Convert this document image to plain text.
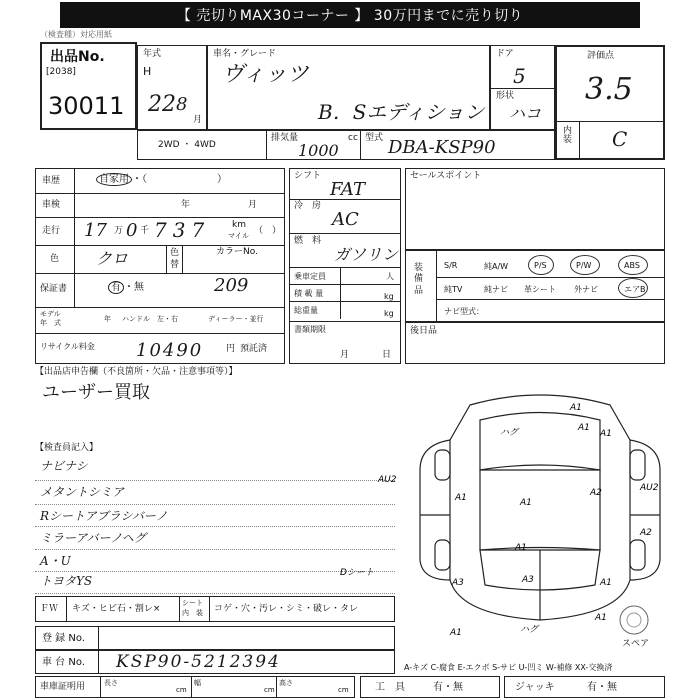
【 売切りMAX30コーナー 】 30万円までに売り切り
（検査種）対応用紙
出品No.
[2038]
30011
年式
H
22 8
月
車名・グレード
ヴィッツ
B．Sエディション
ドア
5
形状
ハコ
評価点
3.5
内装 C
2WD ・ 4WD
排気量	cc
1000
型式 DBA-KSP90
車歴	自家用 ・（　　　　　　　）
車検	年	月
走行 17 万 0 千 737 km
マイル （　）
色 クロ	色
替
カラーNo.
209
保証書	有 ・無
モデル
年　式	年 ハンドル　左・右	ディーラー・並行
リサイクル料金 10490	円 預託済
シフト
FAT
冷　房
AC
燃　料
ガソリン
乗車定員	人
積 載 量	kg
総重量	kg
書類期限
月	日
セールスポイント
装備品
S/R	純A/W	P/S	P/W	ABS
純TV	純ナビ 革シート 外ナビ	エアB
ナビ型式：
後日品
【出品店申告欄（不良箇所・欠品・注意事項等）】
ユーザー買取
【検査員記入】
ナビナシ
メタントシミア
Rシートアブラシバーノ
ミラーアバーノヘグ
A・U
トヨタYS
A1
ハグ	A1
A1
AU2
AU2
A1	A2
A1
A3	A1
A3
A1	ハグ
A1
Dシート
A1
A2
スペア
ＦＷ キズ・ヒビ石・割レ×
シート
内　装 コゲ・穴・汚レ・シミ・破レ・タレ
登 録 No.
車 台 No. KSP90-5212394	A-キズ C-腐食 E-エクボ S-サビ U-凹ミ W-補修 XX-交換済
車庫証明用	長さ
cm
幅
cm
高さ
cm	工　具	有・無	ジャッキ	有・無
